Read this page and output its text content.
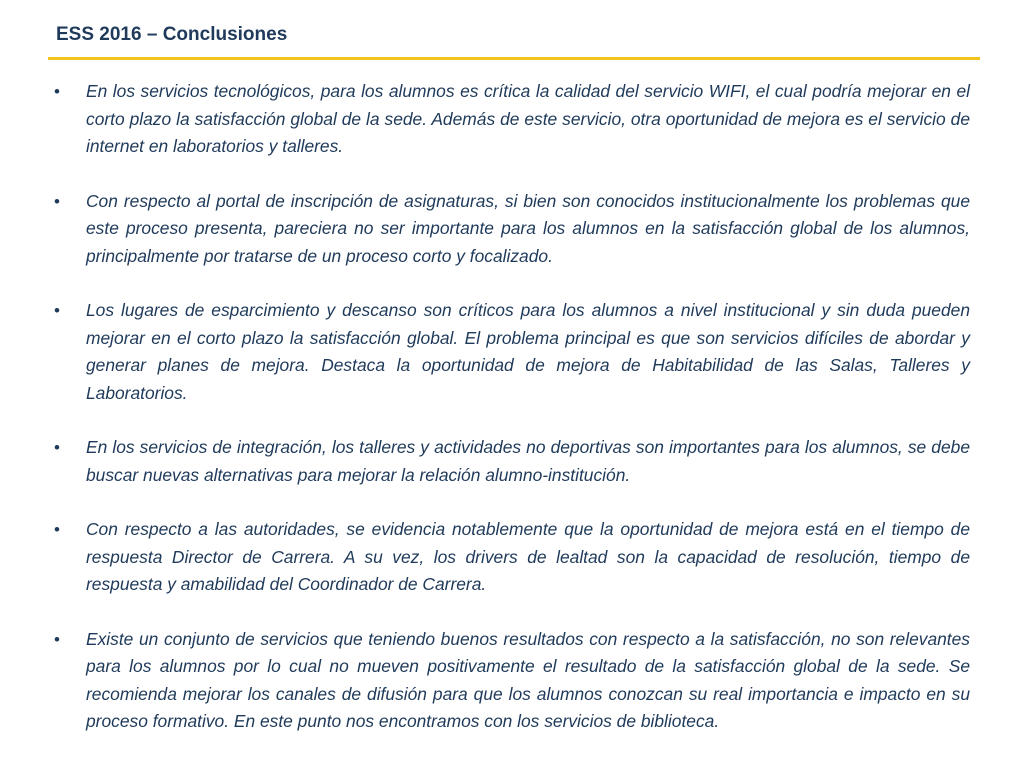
ESS 2016 – Conclusiones
• En los servicios tecnológicos, para los alumnos es crítica la calidad del servicio WIFI, el cual podría mejorar en el corto plazo la satisfacción global de la sede. Además de este servicio, otra oportunidad de mejora es el servicio de internet en laboratorios y talleres.
• Con respecto al portal de inscripción de asignaturas, si bien son conocidos institucionalmente los problemas que este proceso presenta, pareciera no ser importante para los alumnos en la satisfacción global de los alumnos, principalmente por tratarse de un proceso corto y focalizado.
• Los lugares de esparcimiento y descanso son críticos para los alumnos a nivel institucional y sin duda pueden mejorar en el corto plazo la satisfacción global. El problema principal es que son servicios difíciles de abordar y generar planes de mejora. Destaca la oportunidad de mejora de Habitabilidad de las Salas, Talleres y Laboratorios.
• En los servicios de integración, los talleres y actividades no deportivas son importantes para los alumnos, se debe buscar nuevas alternativas para mejorar la relación alumno-institución.
• Con respecto a las autoridades, se evidencia notablemente que la oportunidad de mejora está en el tiempo de respuesta Director de Carrera. A su vez, los drivers de lealtad son la capacidad de resolución, tiempo de respuesta y amabilidad del Coordinador de Carrera.
• Existe un conjunto de servicios que teniendo buenos resultados con respecto a la satisfacción, no son relevantes para los alumnos por lo cual no mueven positivamente el resultado de la satisfacción global de la sede. Se recomienda mejorar los canales de difusión para que los alumnos conozcan su real importancia e impacto en su proceso formativo. En este punto nos encontramos con los servicios de biblioteca.
